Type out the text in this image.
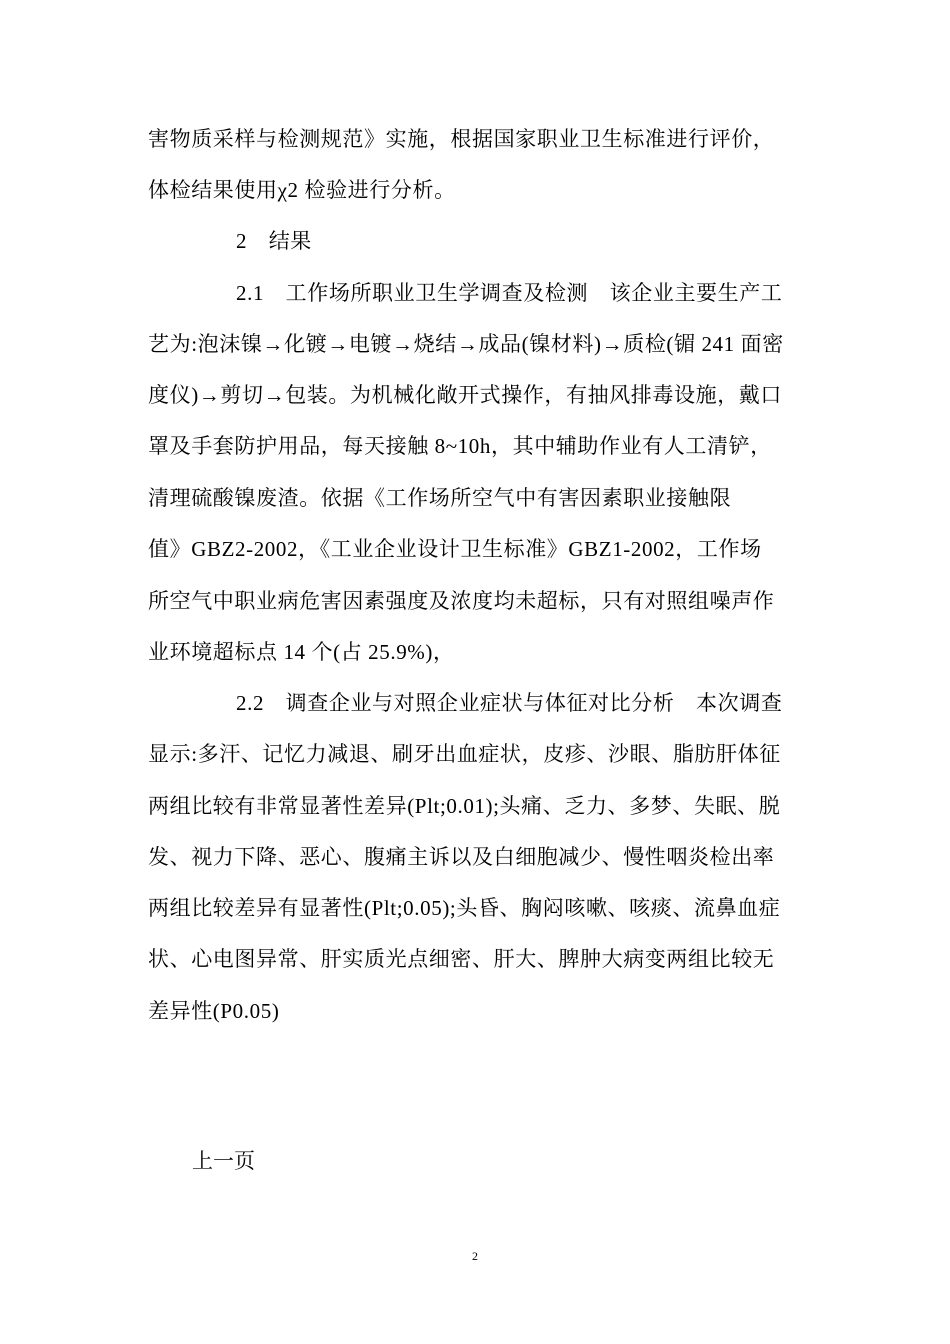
害物质采样与检测规范》实施，根据国家职业卫生标准进行评价，
体检结果使用χ2 检验进行分析。
2　结果
2.1　工作场所职业卫生学调查及检测　该企业主要生产工
艺为:泡沫镍→化镀→电镀→烧结→成品(镍材料)→质检(镅 241 面密
度仪)→剪切→包装。为机械化敞开式操作，有抽风排毒设施，戴口
罩及手套防护用品，每天接触 8~10h，其中辅助作业有人工清铲，
清理硫酸镍废渣。依据《工作场所空气中有害因素职业接触限
值》GBZ2-2002，《工业企业设计卫生标准》GBZ1-2002，工作场
所空气中职业病危害因素强度及浓度均未超标，只有对照组噪声作
业环境超标点 14 个(占 25.9%)，
2.2　调查企业与对照企业症状与体征对比分析　本次调查
显示:多汗、记忆力减退、刷牙出血症状，皮疹、沙眼、脂肪肝体征
两组比较有非常显著性差异(Plt;0.01);头痛、乏力、多梦、失眠、脱
发、视力下降、恶心、腹痛主诉以及白细胞减少、慢性咽炎检出率
两组比较差异有显著性(Plt;0.05);头昏、胸闷咳嗽、咳痰、流鼻血症
状、心电图异常、肝实质光点细密、肝大、脾肿大病变两组比较无
差异性(P0.05)
上一页
2
